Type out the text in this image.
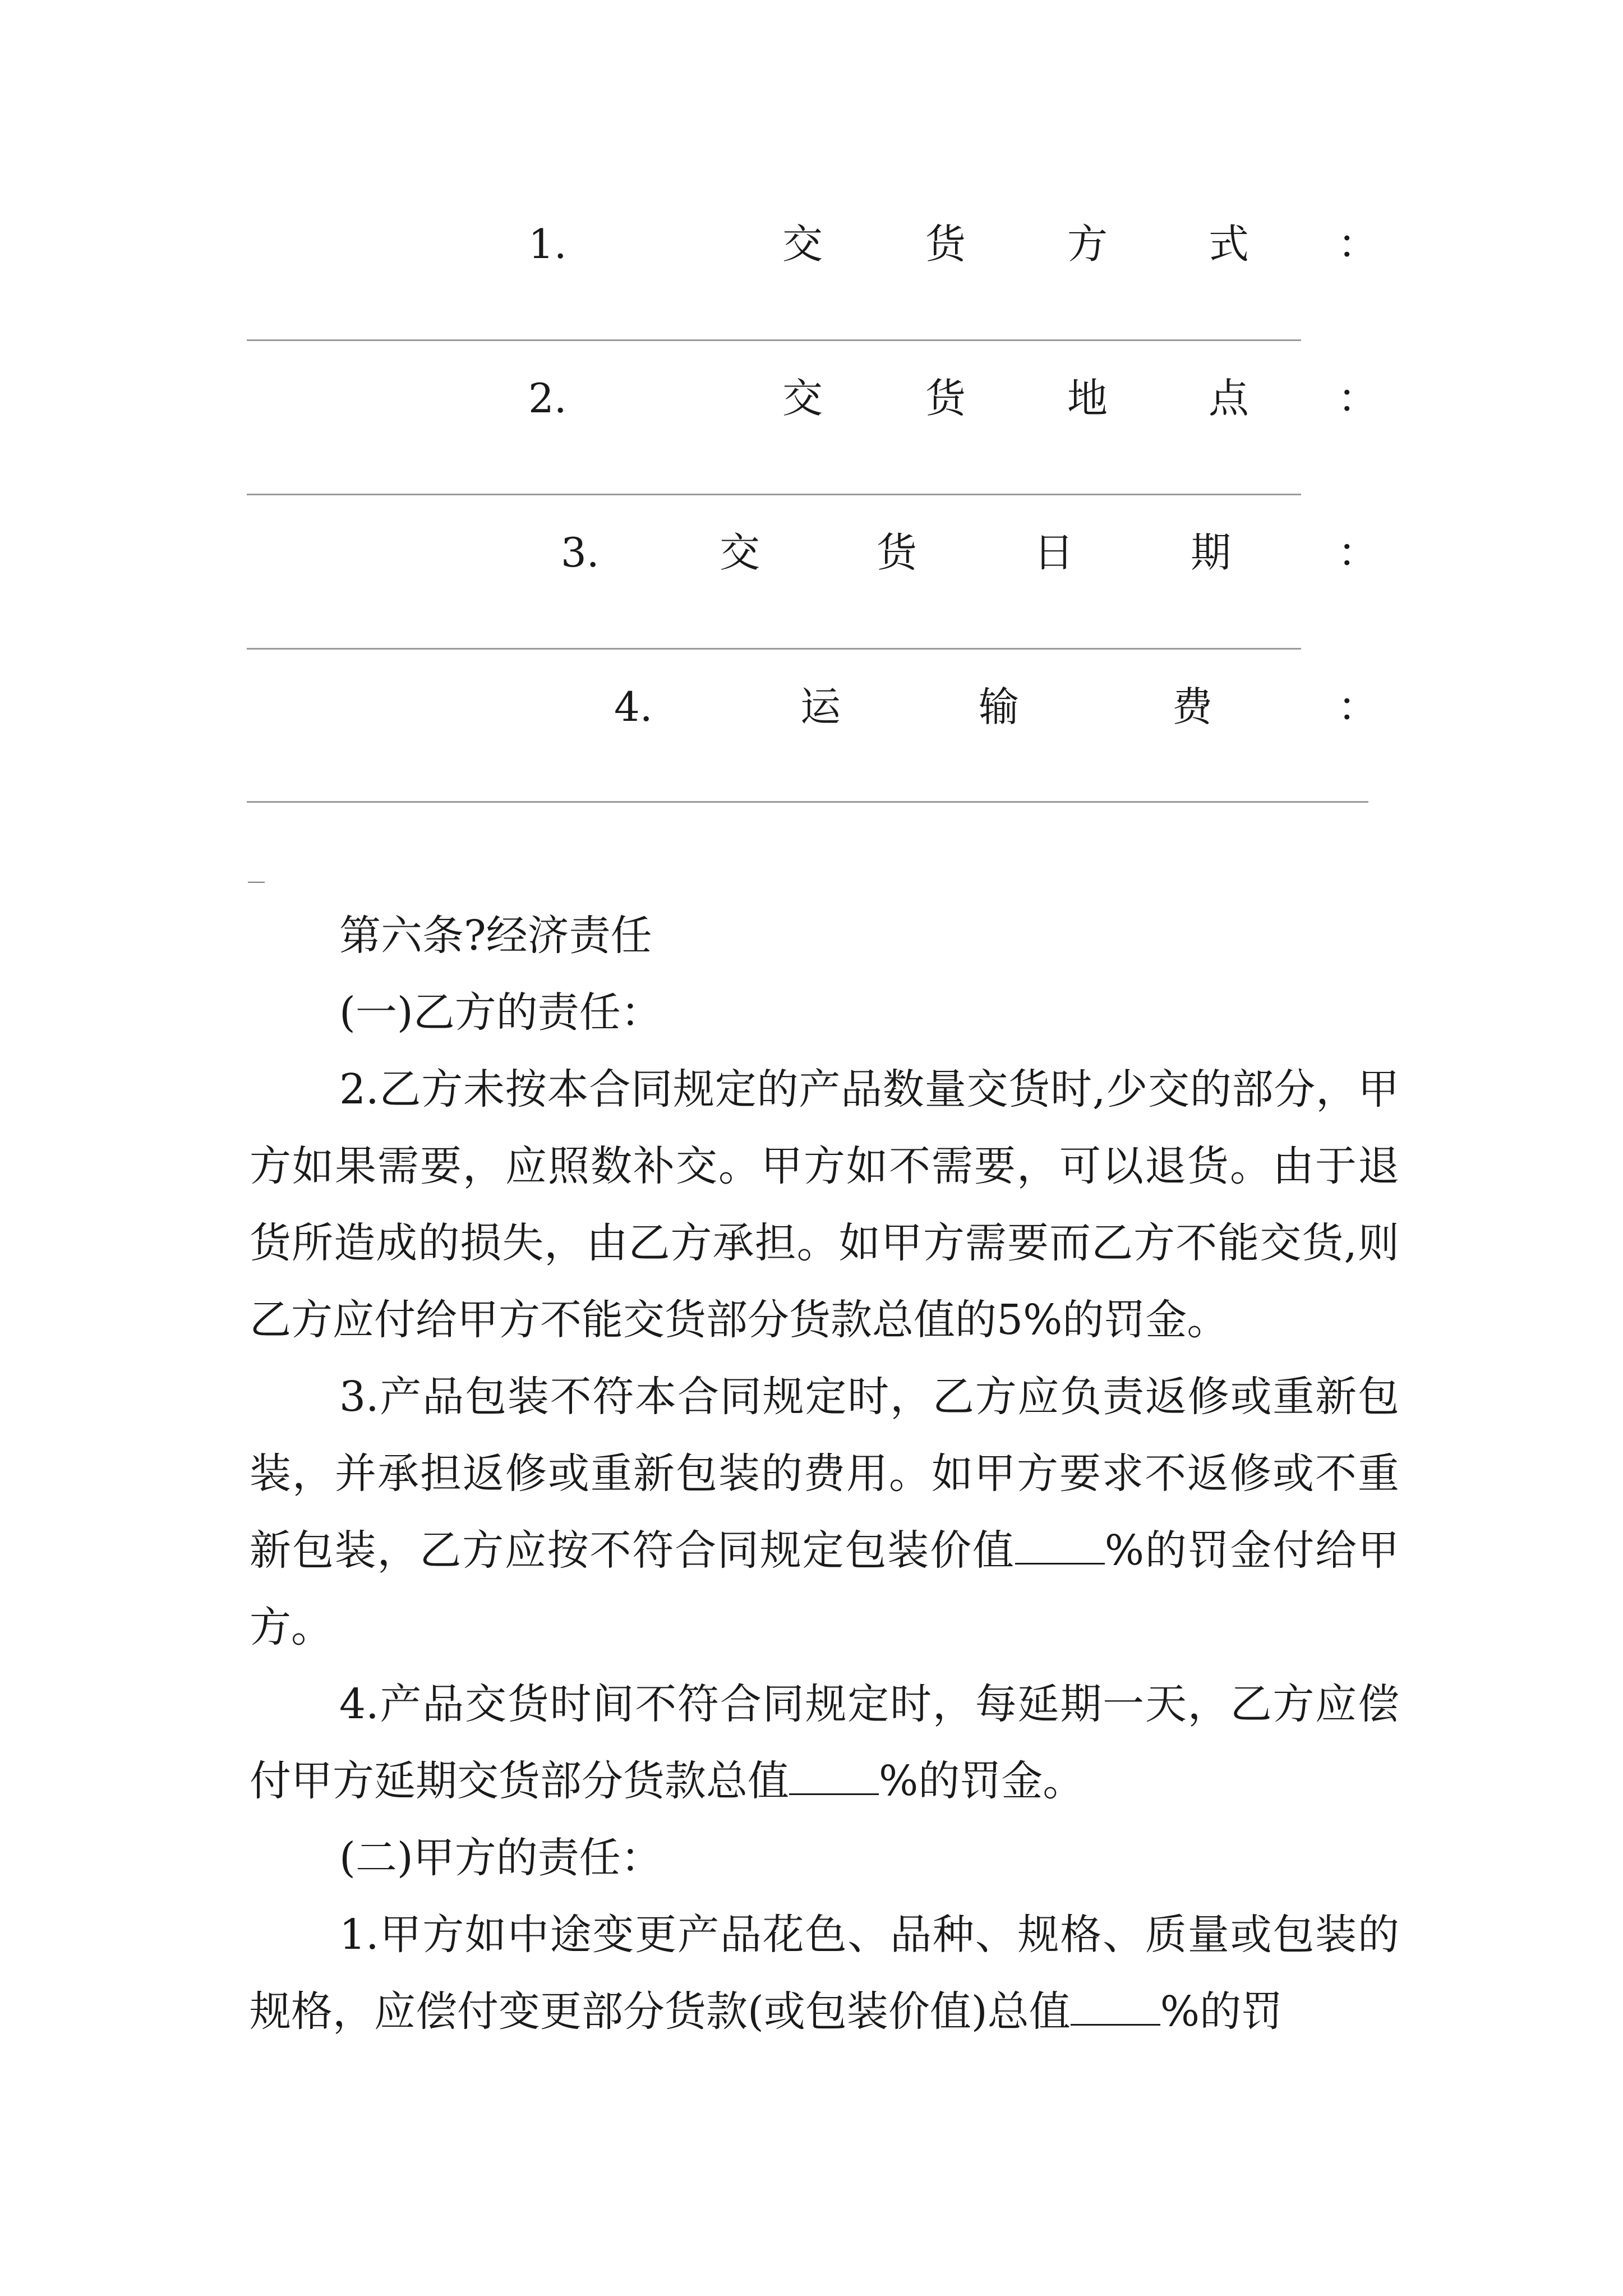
1.	交	货	方 式 ：
2.	交	货	地 点 ：
3.	交	货	日	期	：
4.	运	输	费	：
_

第六条?经济责任

(一)乙方的责任：

2.乙方未按本合同规定的产品数量交货时,少交的部分，甲方如果需要，应照数补交。甲方如不需要，可以退货。由于退货所造成的损失，由乙方承担。如甲方需要而乙方不能交货,则乙方应付给甲方不能交货部分货款总值的5%的罚金。

3.产品包装不符本合同规定时，乙方应负责返修或重新包装，并承担返修或重新包装的费用。如甲方要求不返修或不重新包装，乙方应按不符合同规定包装价值 %的罚金付给甲方。

4.产品交货时间不符合同规定时，每延期一天，乙方应偿付甲方延期交货部分货款总值 %的罚金。

(二)甲方的责任：

1.甲方如中途变更产品花色、品种、规格、质量或包装的规格，应偿付变更部分货款(或包装价值)总值 %的罚
